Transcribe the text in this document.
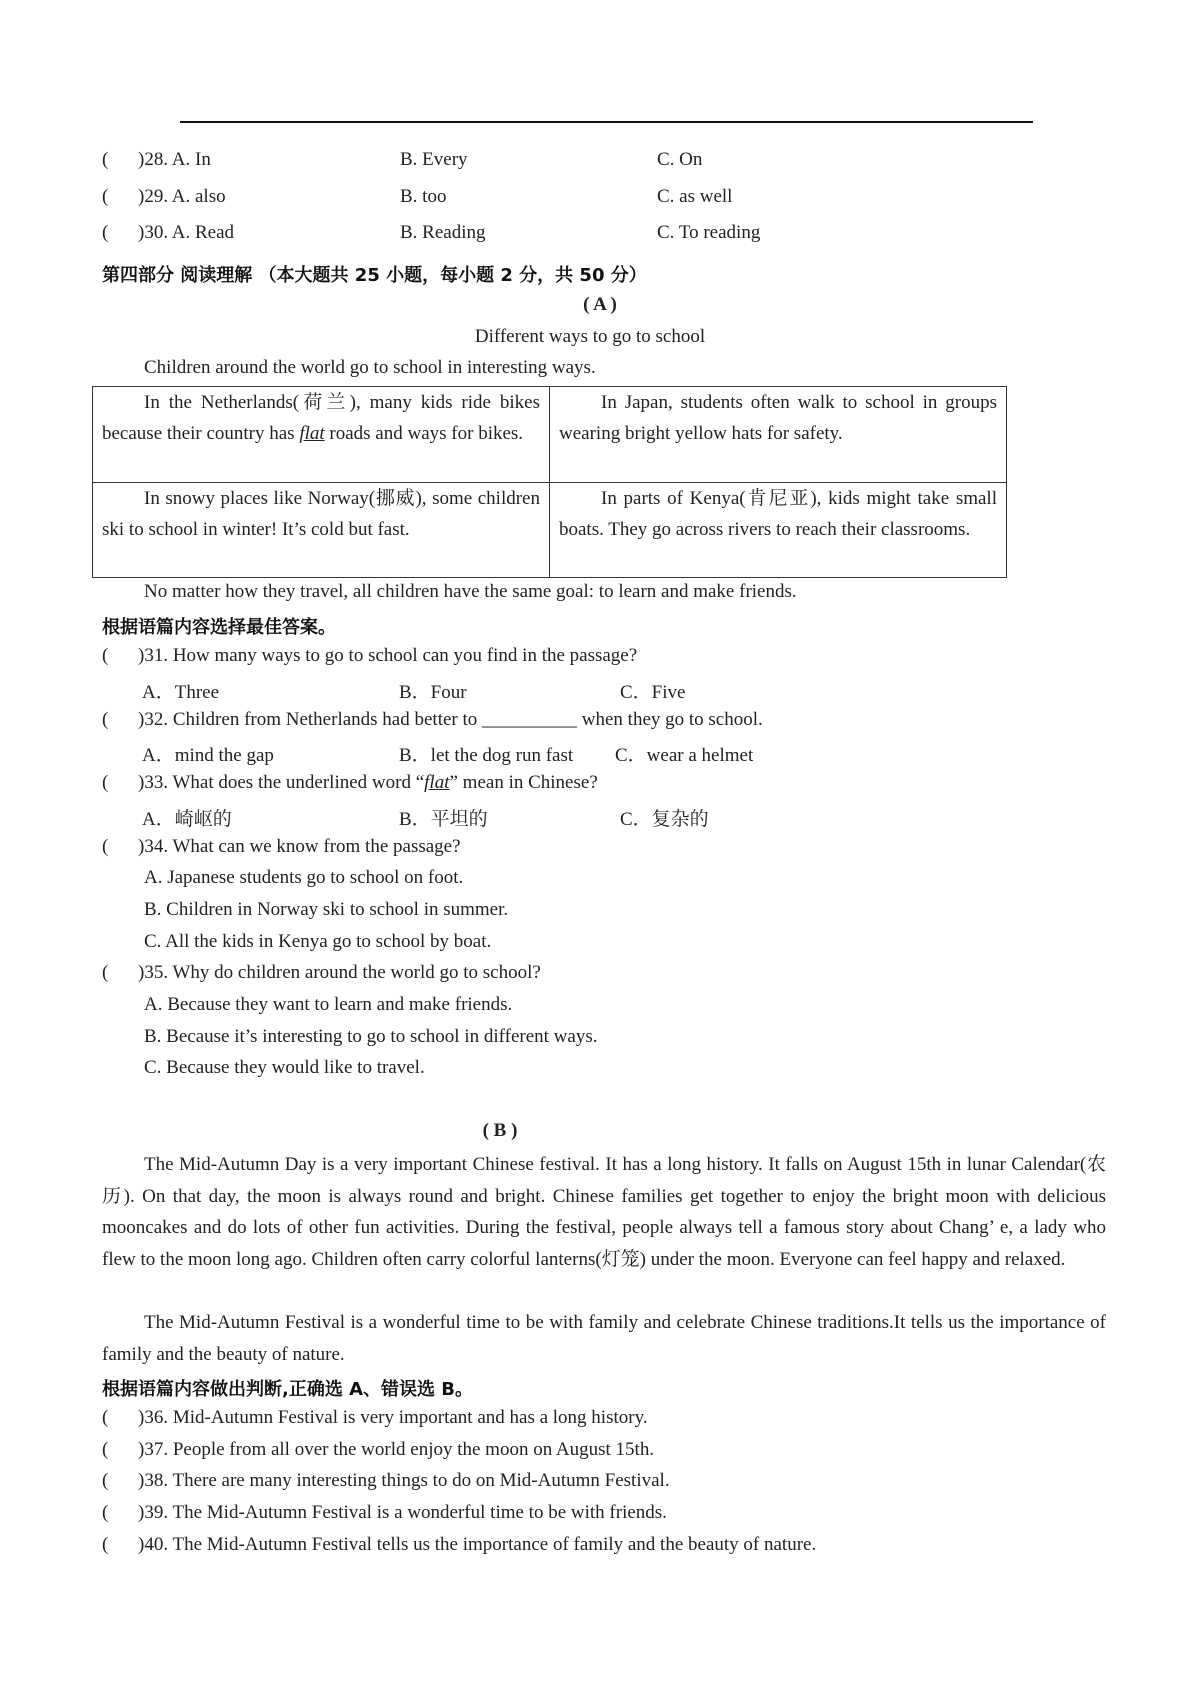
( )28. A. In	B. Every	C. On
( )29. A. also	B. too	C. as well
( )30. A. Read	B. Reading	C. To reading
第四部分 阅读理解 （本大题共 25 小题，每小题 2 分，共 50 分）
( A )
Different ways to go to school
Children around the world go to school in interesting ways.

In the Netherlands(荷兰), many kids ride bikes because their country has flat roads and ways for bikes.

In Japan, students often walk to school in groups wearing bright yellow hats for safety.

In snowy places like Norway(挪威), some children ski to school in winter! It’s cold but fast.

In parts of Kenya(肯尼亚), kids might take small boats. They go across rivers to reach their classrooms.

No matter how they travel, all children have the same goal: to learn and make friends.
根据语篇内容选择最佳答案。
( )31. How many ways to go to school can you find in the passage?
A．Three	B．Four	C．Five
( )32. Children from Netherlands had better to __________ when they go to school.
A．mind the gap	B．let the dog run fast C．wear a helmet
( )33. What does the underlined word “flat” mean in Chinese?
A．崎岖的	B．平坦的	C．复杂的
( )34. What can we know from the passage?
A. Japanese students go to school on foot.
B. Children in Norway ski to school in summer.
C. All the kids in Kenya go to school by boat.
( )35. Why do children around the world go to school?
A. Because they want to learn and make friends.
B. Because it’s interesting to go to school in different ways.
C. Because they would like to travel.
( B )

The Mid-Autumn Day is a very important Chinese festival. It has a long history. It falls on August 15th in lunar Calendar(农历). On that day, the moon is always round and bright. Chinese families get together to enjoy the bright moon with delicious mooncakes and do lots of other fun activities. During the festival, people always tell a famous story about Chang’ e, a lady who flew to the moon long ago. Children often carry colorful lanterns(灯笼) under the moon. Everyone can feel happy and relaxed.

The Mid-Autumn Festival is a wonderful time to be with family and celebrate Chinese traditions.It tells us the importance of family and the beauty of nature.

根据语篇内容做出判断,正确选 A、错误选 B。
( )36. Mid-Autumn Festival is very important and has a long history.
( )37. People from all over the world enjoy the moon on August 15th.
( )38. There are many interesting things to do on Mid-Autumn Festival.
( )39. The Mid-Autumn Festival is a wonderful time to be with friends.
( )40. The Mid-Autumn Festival tells us the importance of family and the beauty of nature.
